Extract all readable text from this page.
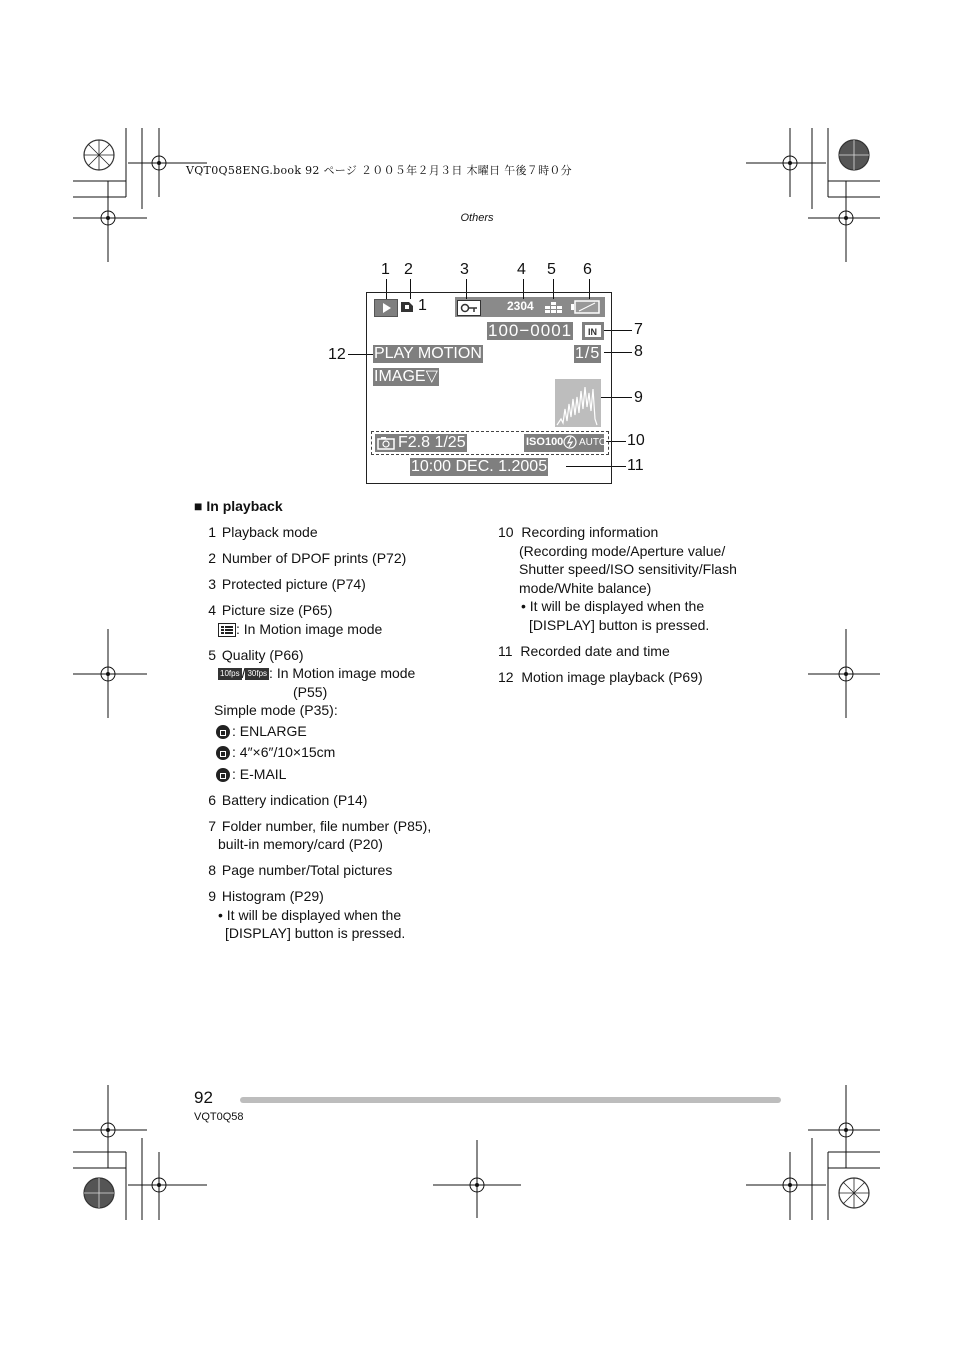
VQT0Q58ENG.book 92 ページ ２００５年２月３日 木曜日 午後７時０分
Others
1 2	3	4 5 6
7
8
9
10
11
12
1	2304
100−0001 IN
PLAY MOTION	1/5
IMAGE▽
F2.8 1/25	ISO100 AUTO
10:00 DEC. 1.2005
■ In playback
1 Playback mode
2 Number of DPOF prints (P72)
3 Protected picture (P74)
4 Picture size (P65)
: In Motion image mode
5 Quality (P66)
10fps / 30fps : In Motion image mode
(P55)
Simple mode (P35):
: ENLARGE
: 4″×6″/10×15cm
: E-MAIL
6 Battery indication (P14)
7 Folder number, file number (P85),
built-in memory/card (P20)
8 Page number/Total pictures
9 Histogram (P29)
• It will be displayed when the
[DISPLAY] button is pressed.
10 Recording information
(Recording mode/Aperture value/
Shutter speed/ISO sensitivity/Flash
mode/White balance)
• It will be displayed when the
[DISPLAY] button is pressed.
11 Recorded date and time
12 Motion image playback (P69)
92
VQT0Q58
